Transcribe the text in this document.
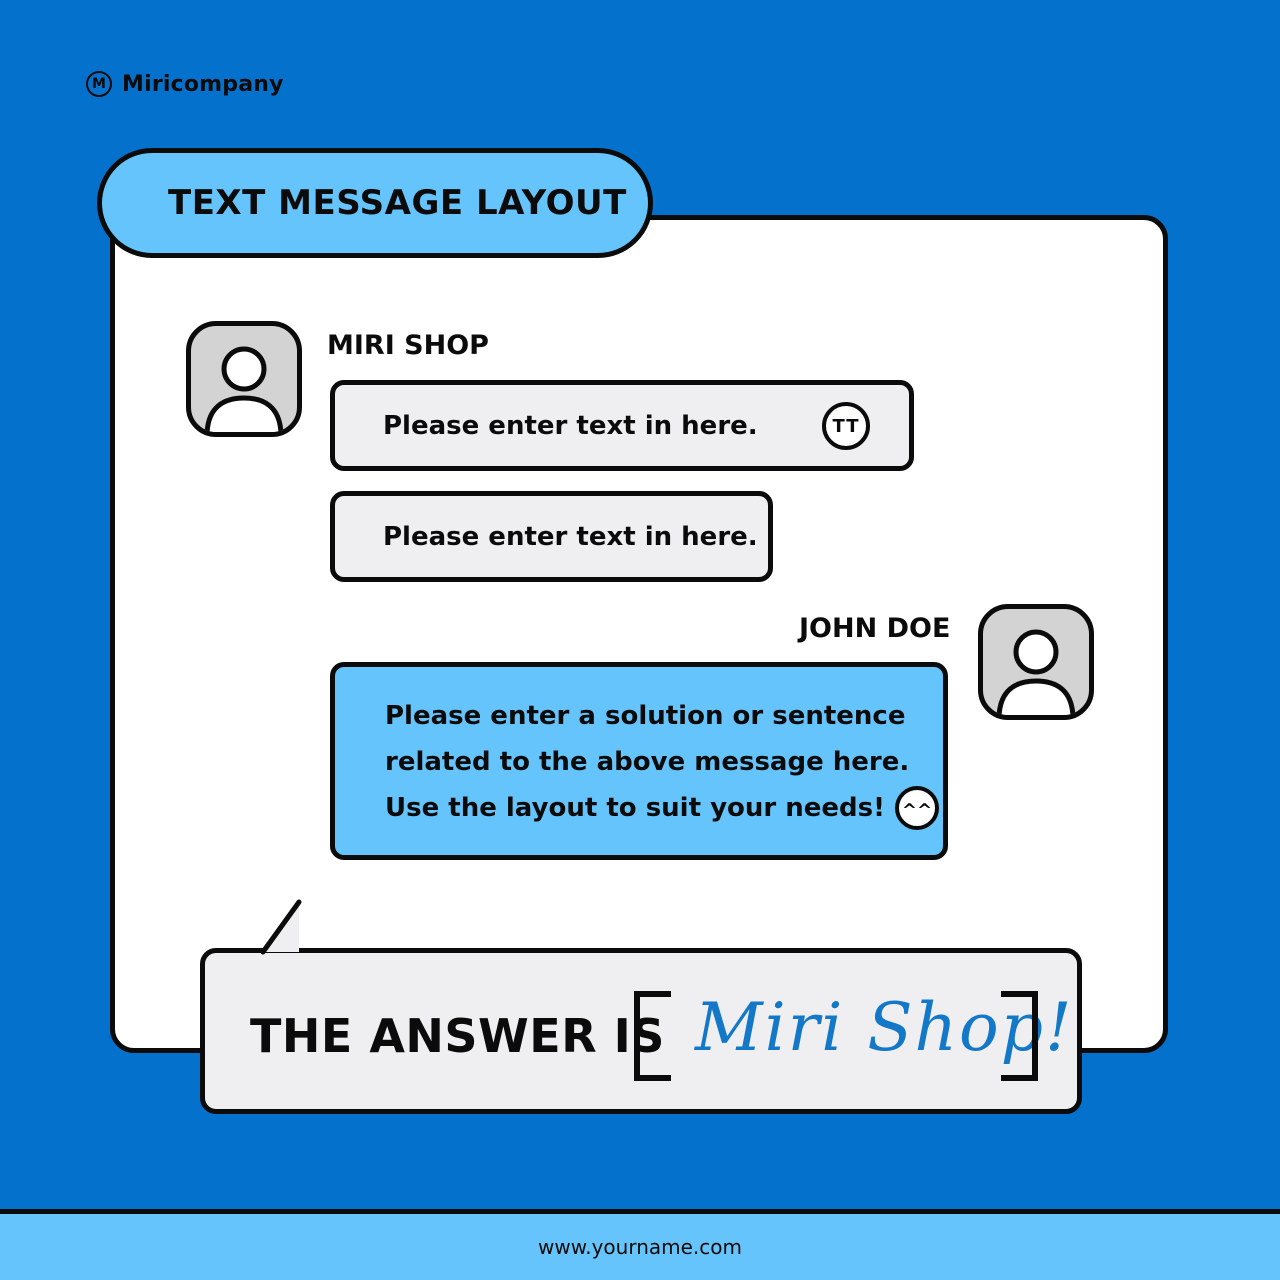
M Miricompany
TEXT MESSAGE LAYOUT
MIRI SHOP
Please enter text in here.	TT
Please enter text in here.
JOHN DOE
Please enter a solution or sentence
related to the above message here.
Use the layout to suit your needs! ^^
THE ANSWER IS Miri Shop!
www.yourname.com
